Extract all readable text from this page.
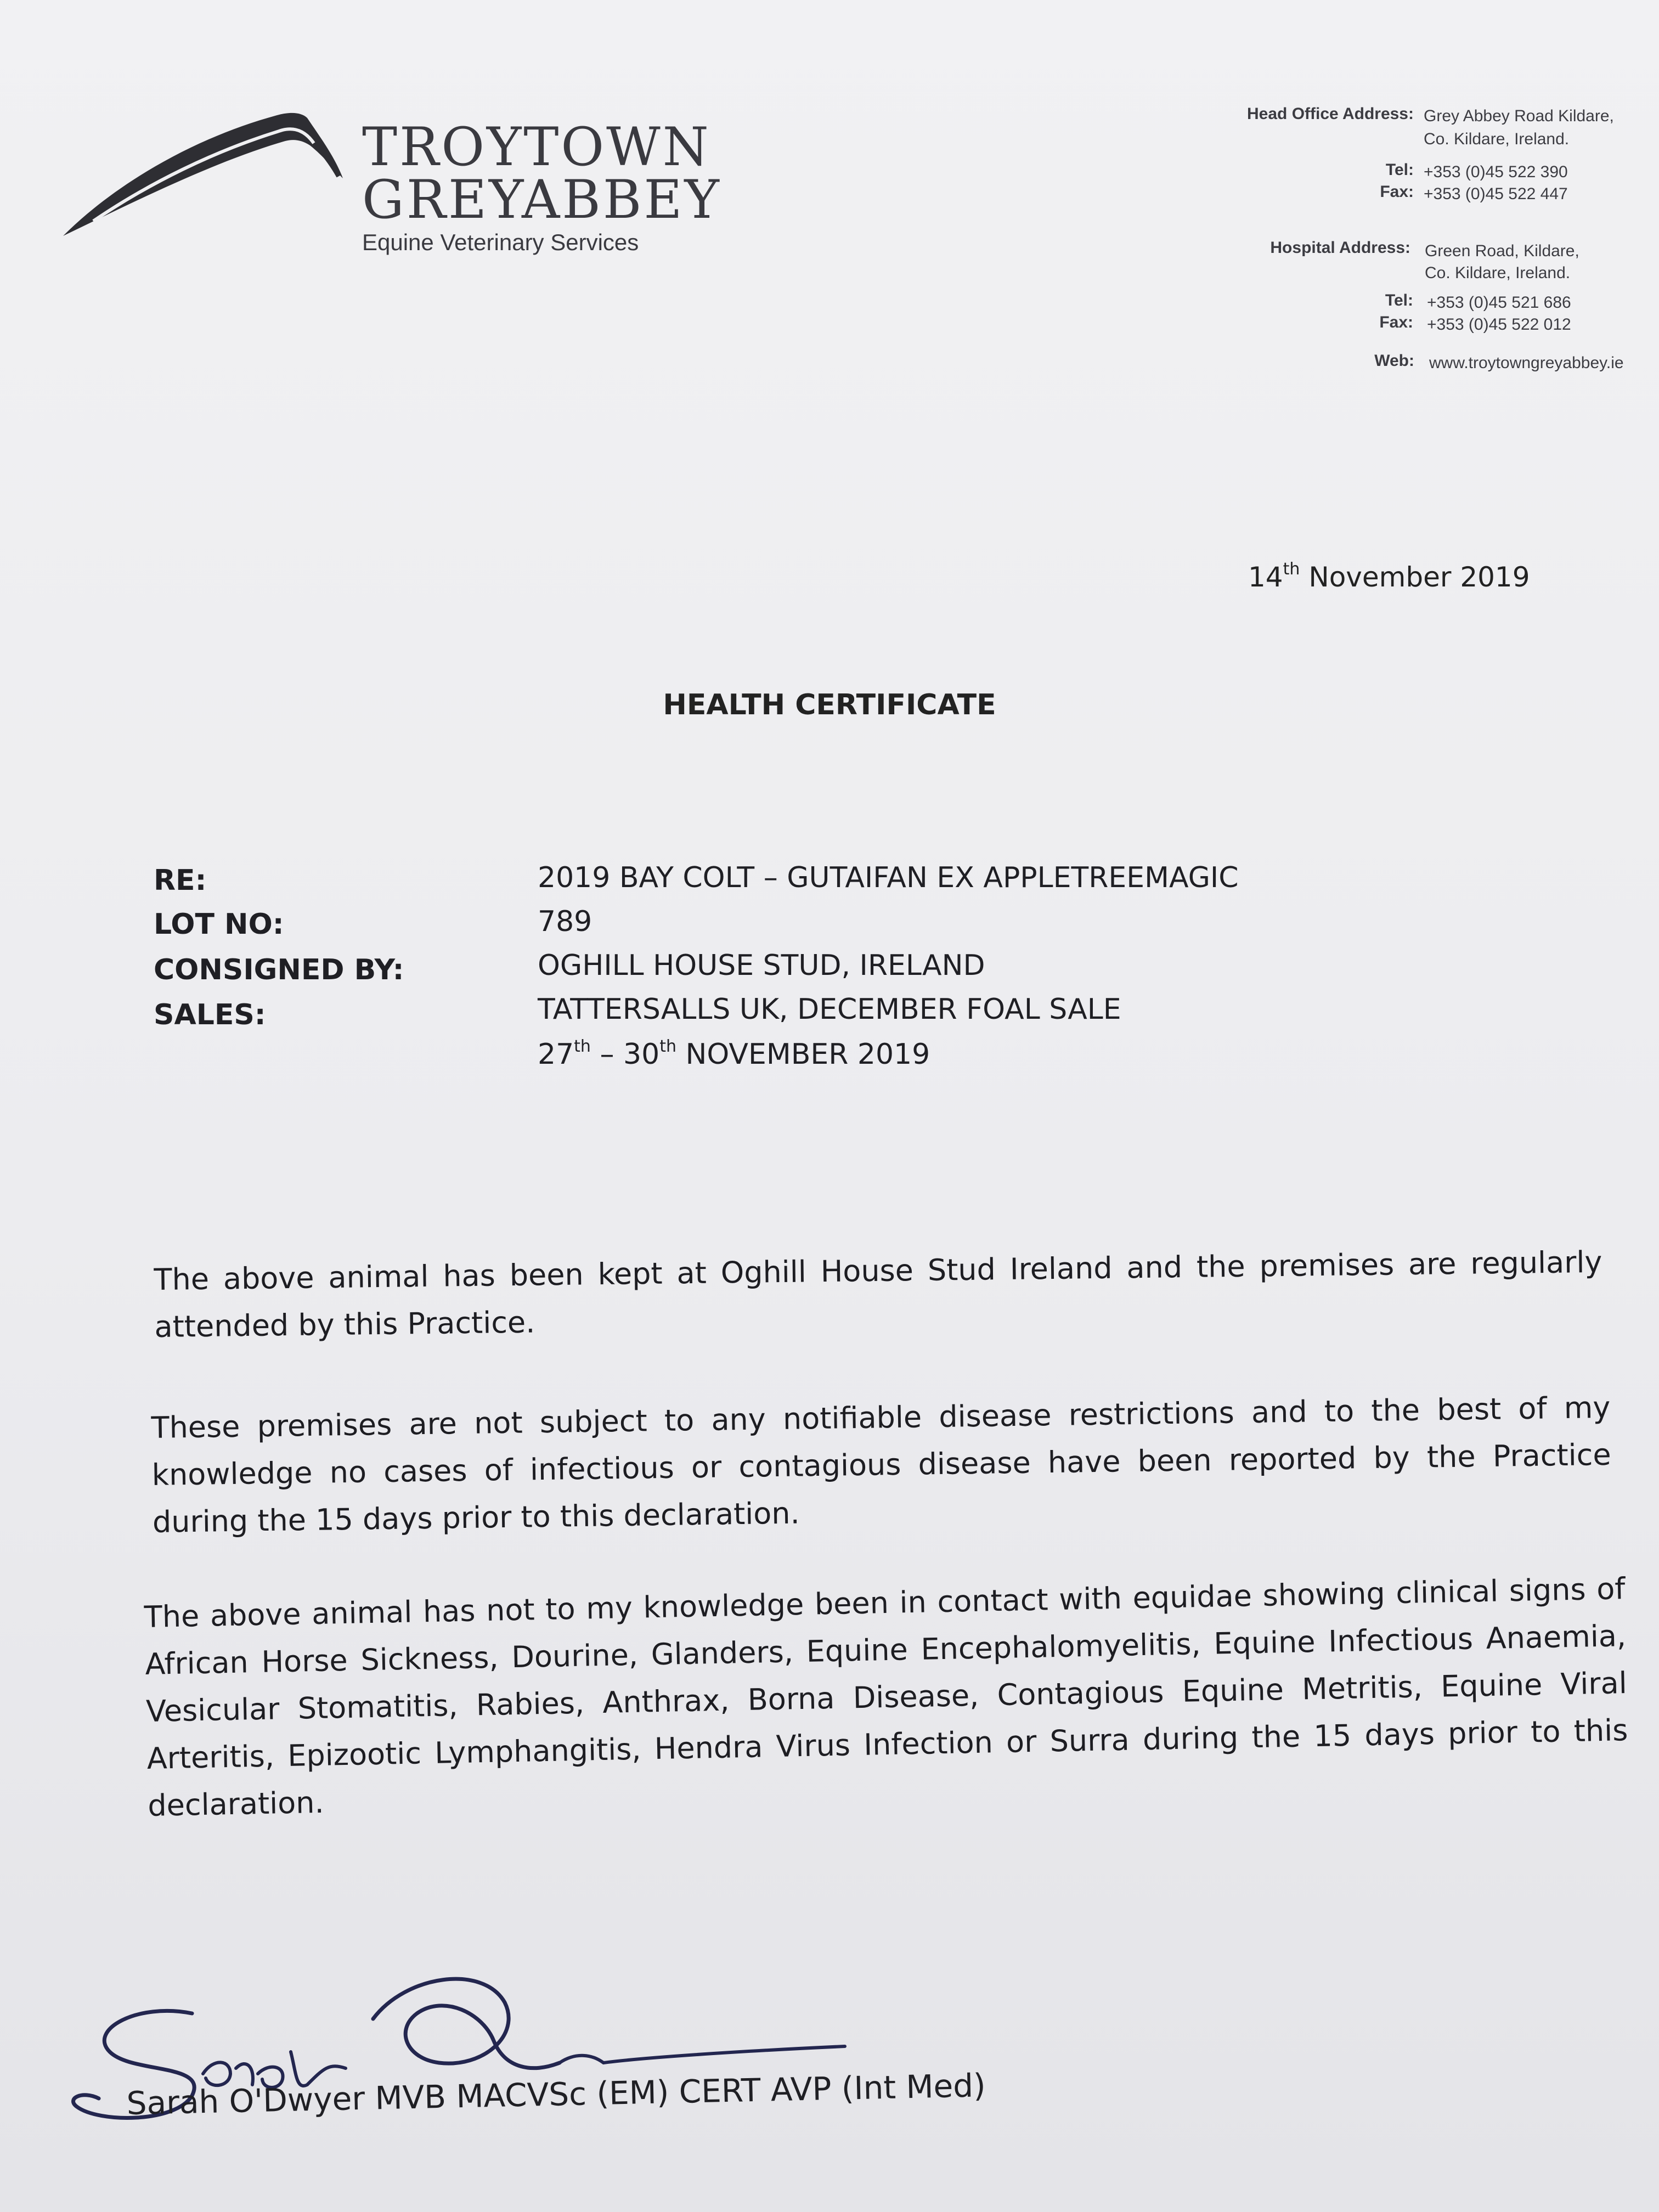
TROYTOWN
GREYABBEY
Equine Veterinary Services
Head Office Address: Grey Abbey Road Kildare,
Co. Kildare, Ireland.
Tel: +353 (0)45 522 390
Fax: +353 (0)45 522 447
Hospital Address: Green Road, Kildare,
Co. Kildare, Ireland.
Tel: +353 (0)45 521 686
Fax: +353 (0)45 522 012
Web: www.troytowngreyabbey.ie
14th November 2019
HEALTH CERTIFICATE
RE:	2019 BAY COLT – GUTAIFAN EX APPLETREEMAGIC
LOT NO:	789
CONSIGNED BY:	OGHILL HOUSE STUD, IRELAND
SALES:	TATTERSALLS UK, DECEMBER FOAL SALE
27th – 30th NOVEMBER 2019
The above animal has been kept at Oghill House Stud Ireland and the premises are regularly attended by this Practice.
These premises are not subject to any notifiable disease restrictions and to the best of my knowledge no cases of infectious or contagious disease have been reported by the Practice during the 15 days prior to this declaration.
The above animal has not to my knowledge been in contact with equidae showing clinical signs of African Horse Sickness, Dourine, Glanders, Equine Encephalomyelitis, Equine Infectious Anaemia, Vesicular Stomatitis, Rabies, Anthrax, Borna Disease, Contagious Equine Metritis, Equine Viral Arteritis, Epizootic Lymphangitis, Hendra Virus Infection or Surra during the 15 days prior to this declaration.
Sarah O'Dwyer MVB MACVSc (EM) CERT AVP (Int Med)
